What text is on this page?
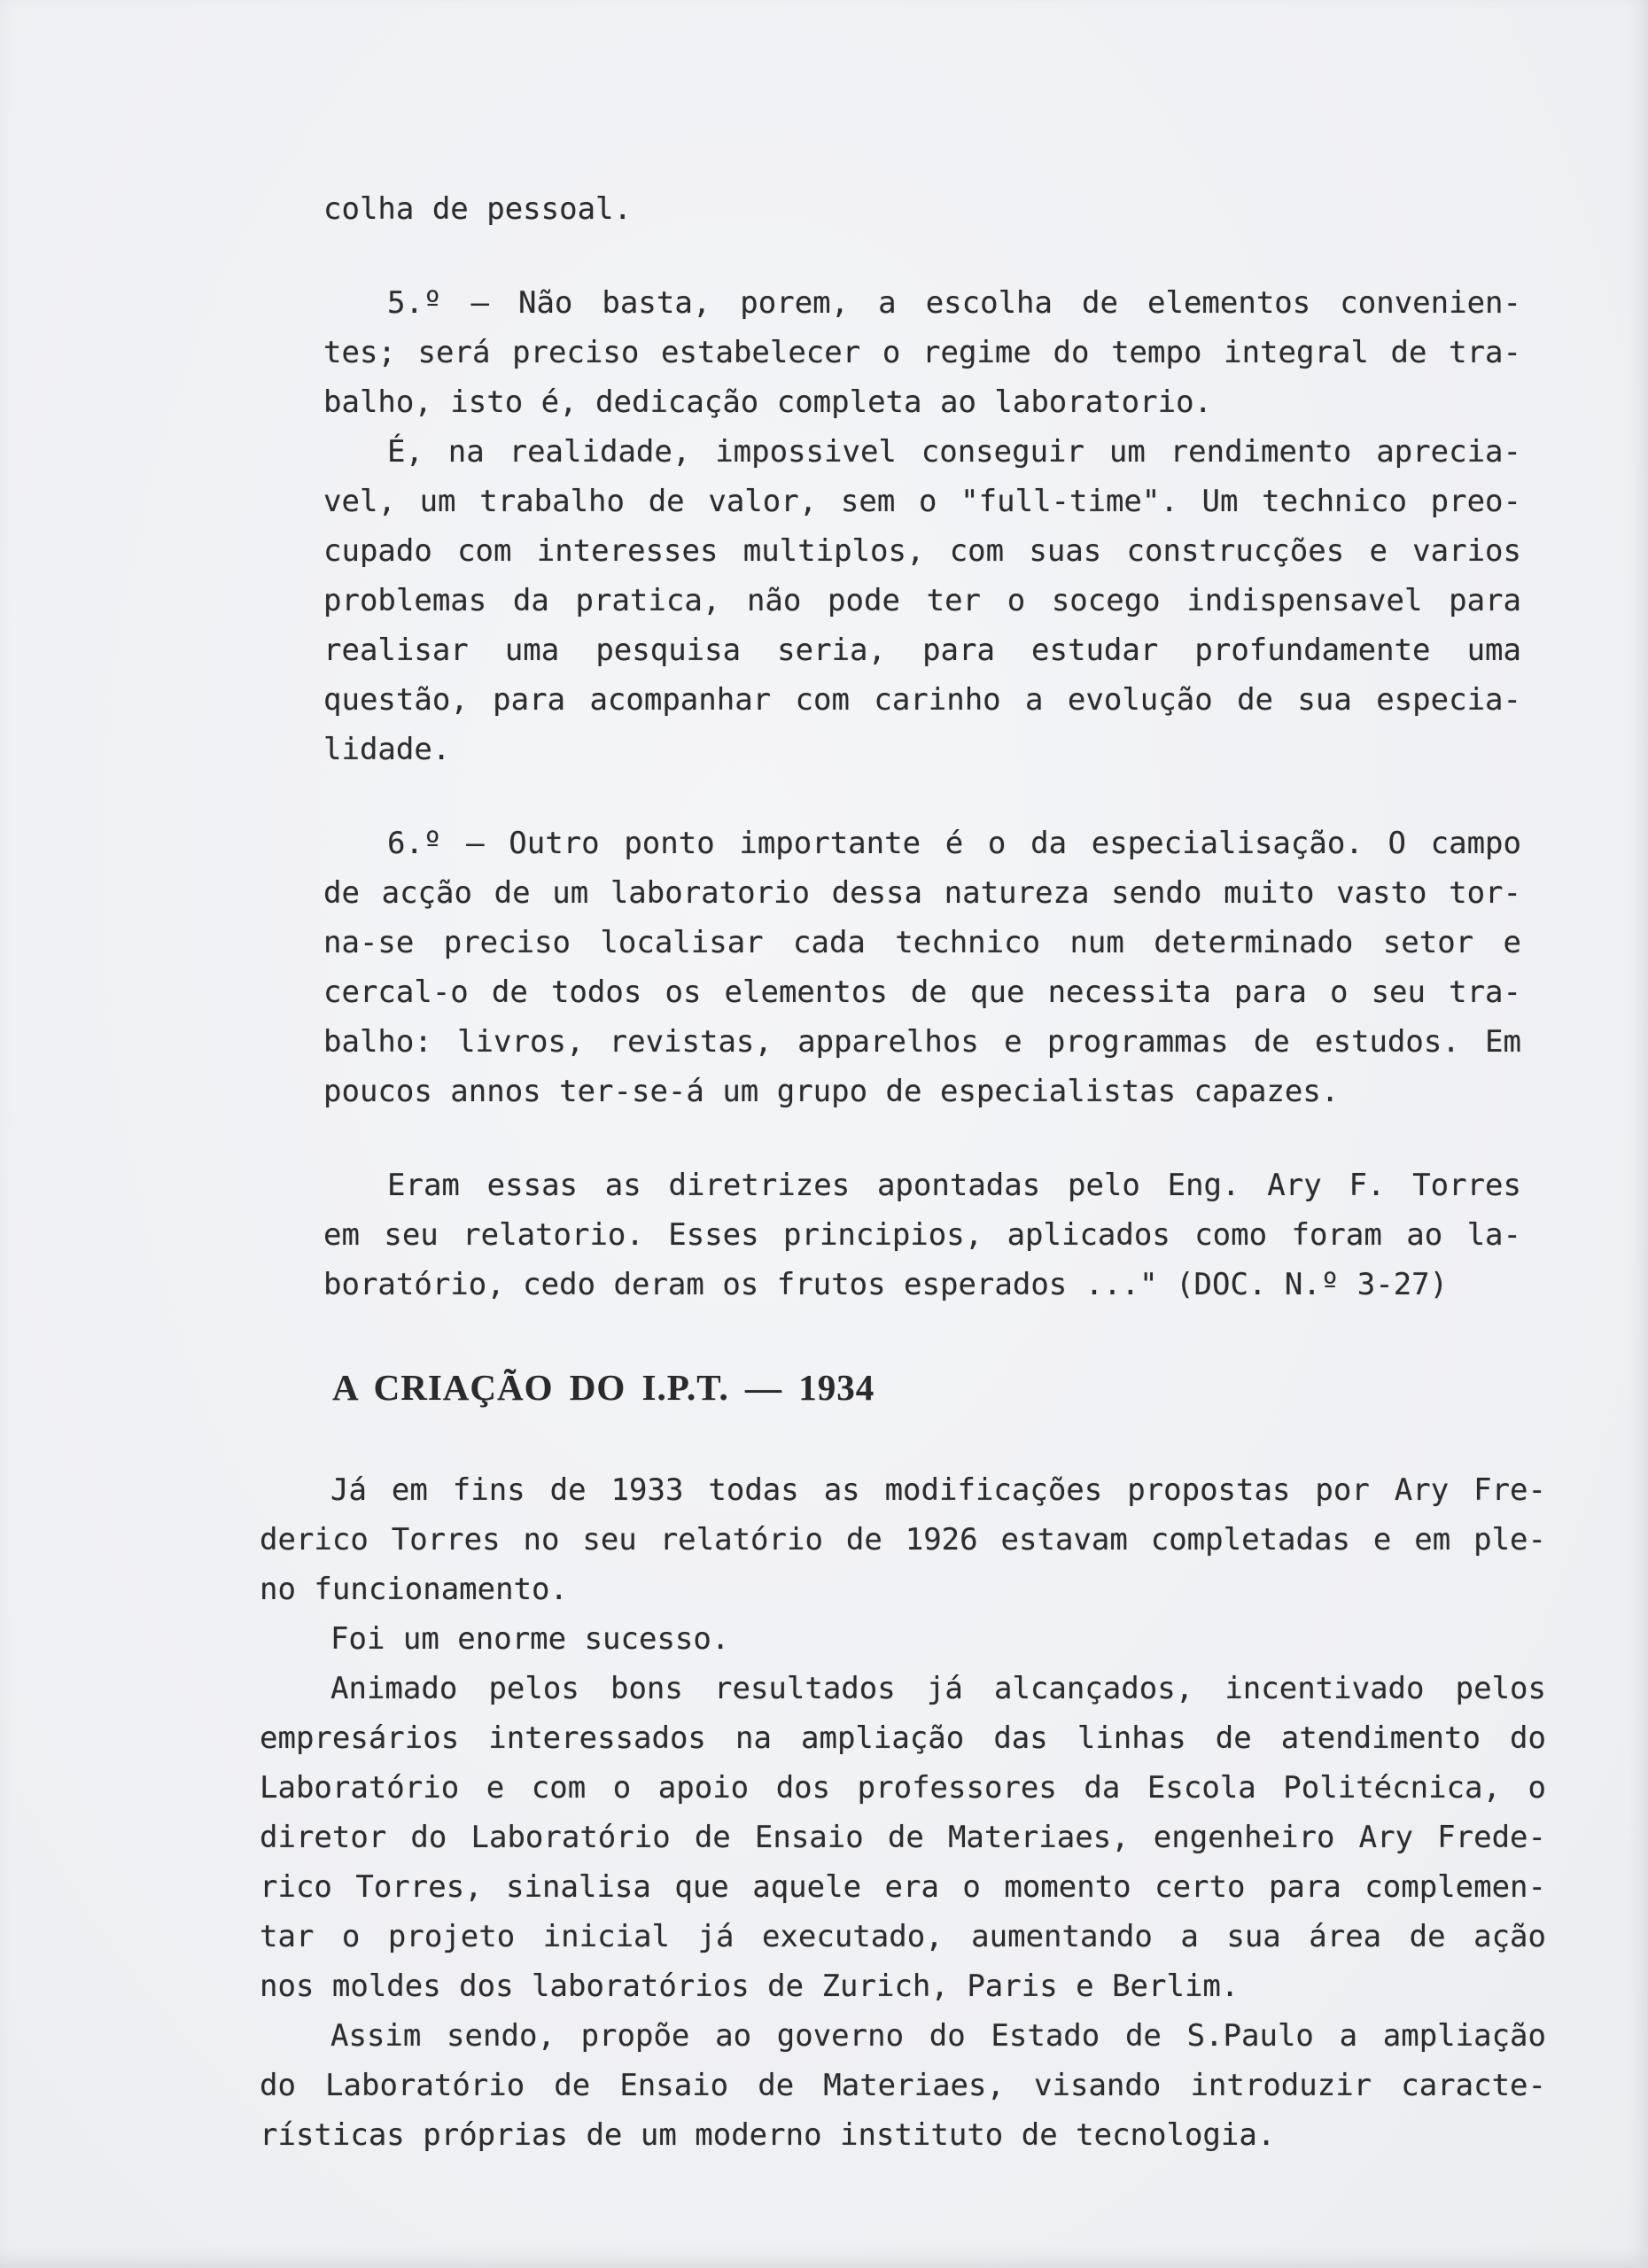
colha de pessoal.
5.º — Não basta, porem, a escolha de elementos convenien-
tes; será preciso estabelecer o regime do tempo integral de tra-
balho, isto é, dedicação completa ao laboratorio.
É, na realidade, impossivel conseguir um rendimento aprecia-
vel, um trabalho de valor, sem o "full-time". Um technico preo-
cupado com interesses multiplos, com suas construcções e varios
problemas da pratica, não pode ter o socego indispensavel para
realisar uma pesquisa seria, para estudar profundamente uma
questão, para acompanhar com carinho a evolução de sua especia-
lidade.
6.º — Outro ponto importante é o da especialisação. O campo
de acção de um laboratorio dessa natureza sendo muito vasto tor-
na-se preciso localisar cada technico num determinado setor e
cercal-o de todos os elementos de que necessita para o seu tra-
balho: livros, revistas, apparelhos e programmas de estudos. Em
poucos annos ter-se-á um grupo de especialistas capazes.
Eram essas as diretrizes apontadas pelo Eng. Ary F. Torres
em seu relatorio. Esses principios, aplicados como foram ao la-
boratório, cedo deram os frutos esperados ..." (DOC. N.º 3-27)
A CRIAÇÃO DO I.P.T. — 1934
Já em fins de 1933 todas as modificações propostas por Ary Fre-
derico Torres no seu relatório de 1926 estavam completadas e em ple-
no funcionamento.
Foi um enorme sucesso.
Animado pelos bons resultados já alcançados, incentivado pelos
empresários interessados na ampliação das linhas de atendimento do
Laboratório e com o apoio dos professores da Escola Politécnica, o
diretor do Laboratório de Ensaio de Materiaes, engenheiro Ary Frede-
rico Torres, sinalisa que aquele era o momento certo para complemen-
tar o projeto inicial já executado, aumentando a sua área de ação
nos moldes dos laboratórios de Zurich, Paris e Berlim.
Assim sendo, propõe ao governo do Estado de S.Paulo a ampliação
do Laboratório de Ensaio de Materiaes, visando introduzir caracte-
rísticas próprias de um moderno instituto de tecnologia.
